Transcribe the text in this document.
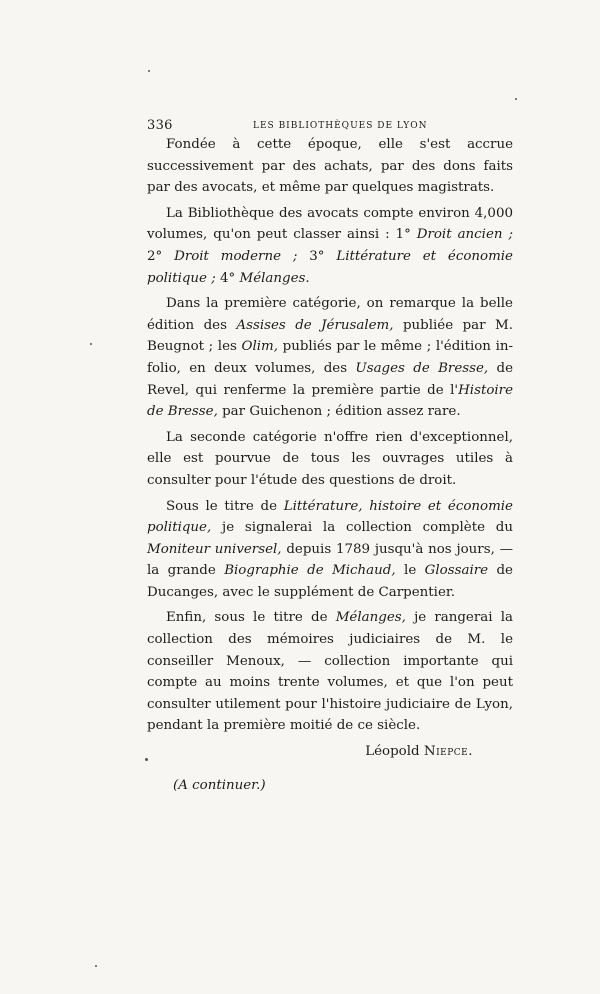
336	LES BIBLIOTHÈQUES DE LYON

Fondée à cette époque, elle s'est accrue successivement par des achats, par des dons faits par des avocats, et même par quelques magistrats.

La Bibliothèque des avocats compte environ 4,000 volumes, qu'on peut classer ainsi : 1° Droit ancien ; 2° Droit moderne ; 3° Littérature et économie politique ; 4° Mélanges.

Dans la première catégorie, on remarque la belle édition des Assises de Jérusalem, publiée par M. Beugnot ; les Olim, publiés par le même ; l'édition in-folio, en deux volumes, des Usages de Bresse, de Revel, qui renferme la première partie de l'Histoire de Bresse, par Guichenon ; édition assez rare.

La seconde catégorie n'offre rien d'exceptionnel, elle est pourvue de tous les ouvrages utiles à consulter pour l'étude des questions de droit.

Sous le titre de Littérature, histoire et économie politique, je signalerai la collection complète du Moniteur universel, depuis 1789 jusqu'à nos jours, — la grande Biographie de Michaud, le Glossaire de Ducanges, avec le supplément de Carpentier.

Enfin, sous le titre de Mélanges, je rangerai la collection des mémoires judiciaires de M. le conseiller Menoux, — collection importante qui compte au moins trente volumes, et que l'on peut consulter utilement pour l'histoire judiciaire de Lyon, pendant la première moitié de ce siècle.

Léopold Niepce.

(A continuer.)
